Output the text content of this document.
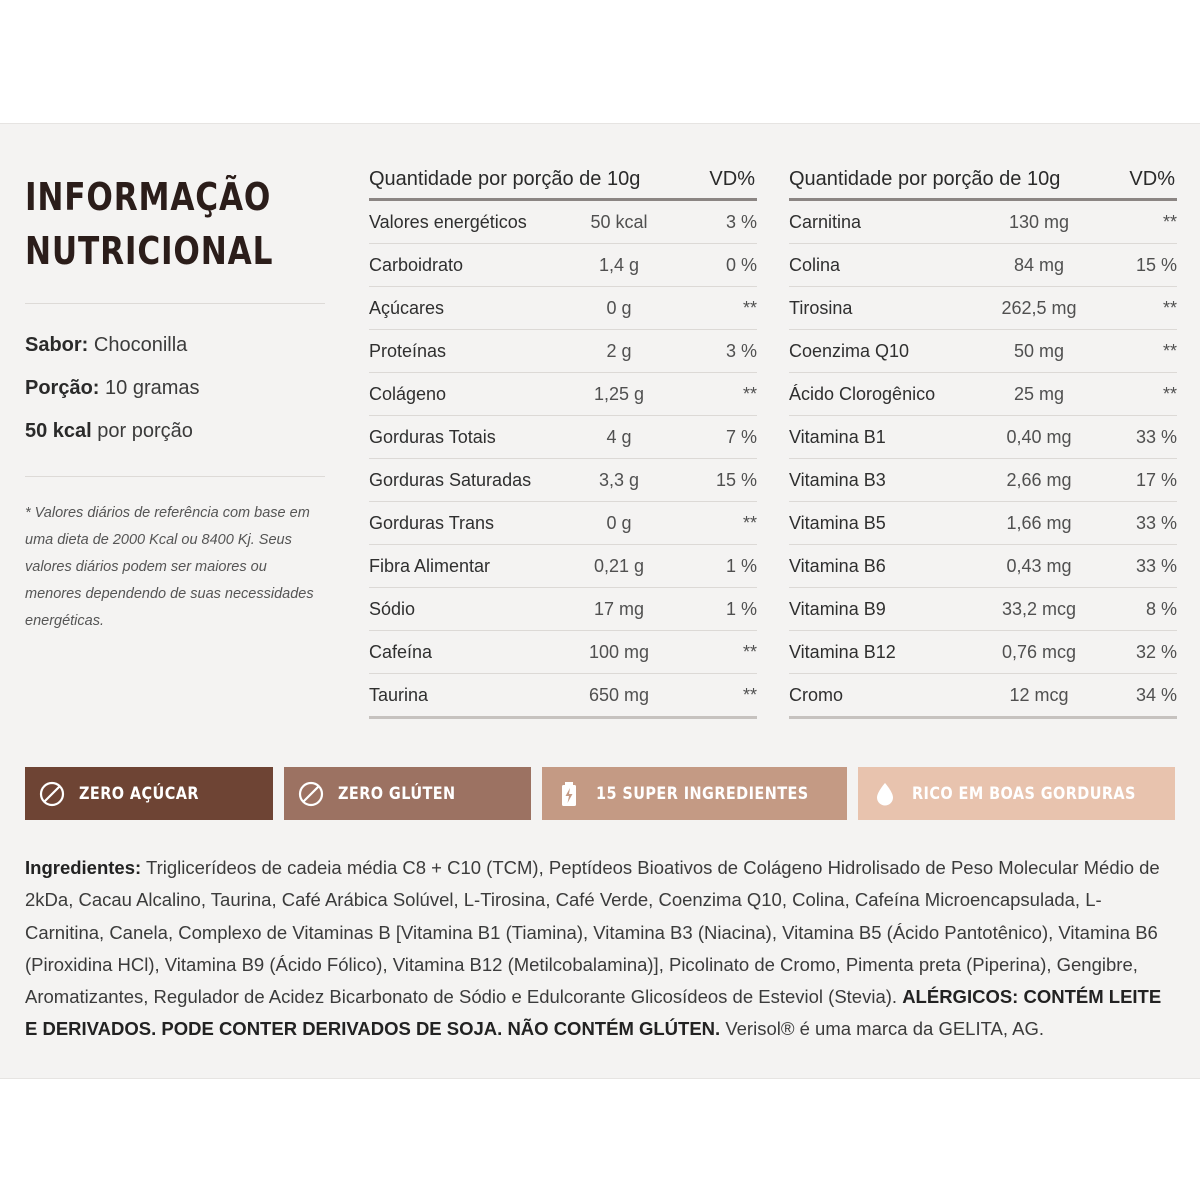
INFORMAÇÃO
NUTRICIONAL
Sabor: Choconilla
Porção: 10 gramas
50 kcal por porção
* Valores diários de referência com base em uma dieta de 2000 Kcal ou 8400 Kj. Seus valores diários podem ser maiores ou menores dependendo de suas necessidades energéticas.
Quantidade por porção de 10g	VD%
Valores energéticos	50 kcal	3 %
Carboidrato	1,4 g	0 %
Açúcares	0 g	**
Proteínas	2 g	3 %
Colágeno	1,25 g	**
Gorduras Totais	4 g	7 %
Gorduras Saturadas	3,3 g	15 %
Gorduras Trans	0 g	**
Fibra Alimentar	0,21 g	1 %
Sódio	17 mg	1 %
Cafeína	100 mg	**
Taurina	650 mg	**
Quantidade por porção de 10g	VD%
Carnitina	130 mg	**
Colina	84 mg	15 %
Tirosina	262,5 mg	**
Coenzima Q10	50 mg	**
Ácido Clorogênico	25 mg	**
Vitamina B1	0,40 mg	33 %
Vitamina B3	2,66 mg	17 %
Vitamina B5	1,66 mg	33 %
Vitamina B6	0,43 mg	33 %
Vitamina B9	33,2 mcg	8 %
Vitamina B12	0,76 mcg	32 %
Cromo	12 mcg	34 %
ZERO AÇÚCAR	ZERO GLÚTEN	15 SUPER INGREDIENTES	RICO EM BOAS GORDURAS
Ingredientes: Triglicerídeos de cadeia média C8 + C10 (TCM), Peptídeos Bioativos de Colágeno Hidrolisado de Peso Molecular Médio de 2kDa, Cacau Alcalino, Taurina, Café Arábica Solúvel, L-Tirosina, Café Verde, Coenzima Q10, Colina, Cafeína Microencapsulada, L-Carnitina, Canela, Complexo de Vitaminas B [Vitamina B1 (Tiamina), Vitamina B3 (Niacina), Vitamina B5 (Ácido Pantotênico), Vitamina B6 (Piroxidina HCl), Vitamina B9 (Ácido Fólico), Vitamina B12 (Metilcobalamina)], Picolinato de Cromo, Pimenta preta (Piperina), Gengibre, Aromatizantes, Regulador de Acidez Bicarbonato de Sódio e Edulcorante Glicosídeos de Esteviol (Stevia). ALÉRGICOS: CONTÉM LEITE E DERIVADOS. PODE CONTER DERIVADOS DE SOJA. NÃO CONTÉM GLÚTEN. Verisol® é uma marca da GELITA, AG.
